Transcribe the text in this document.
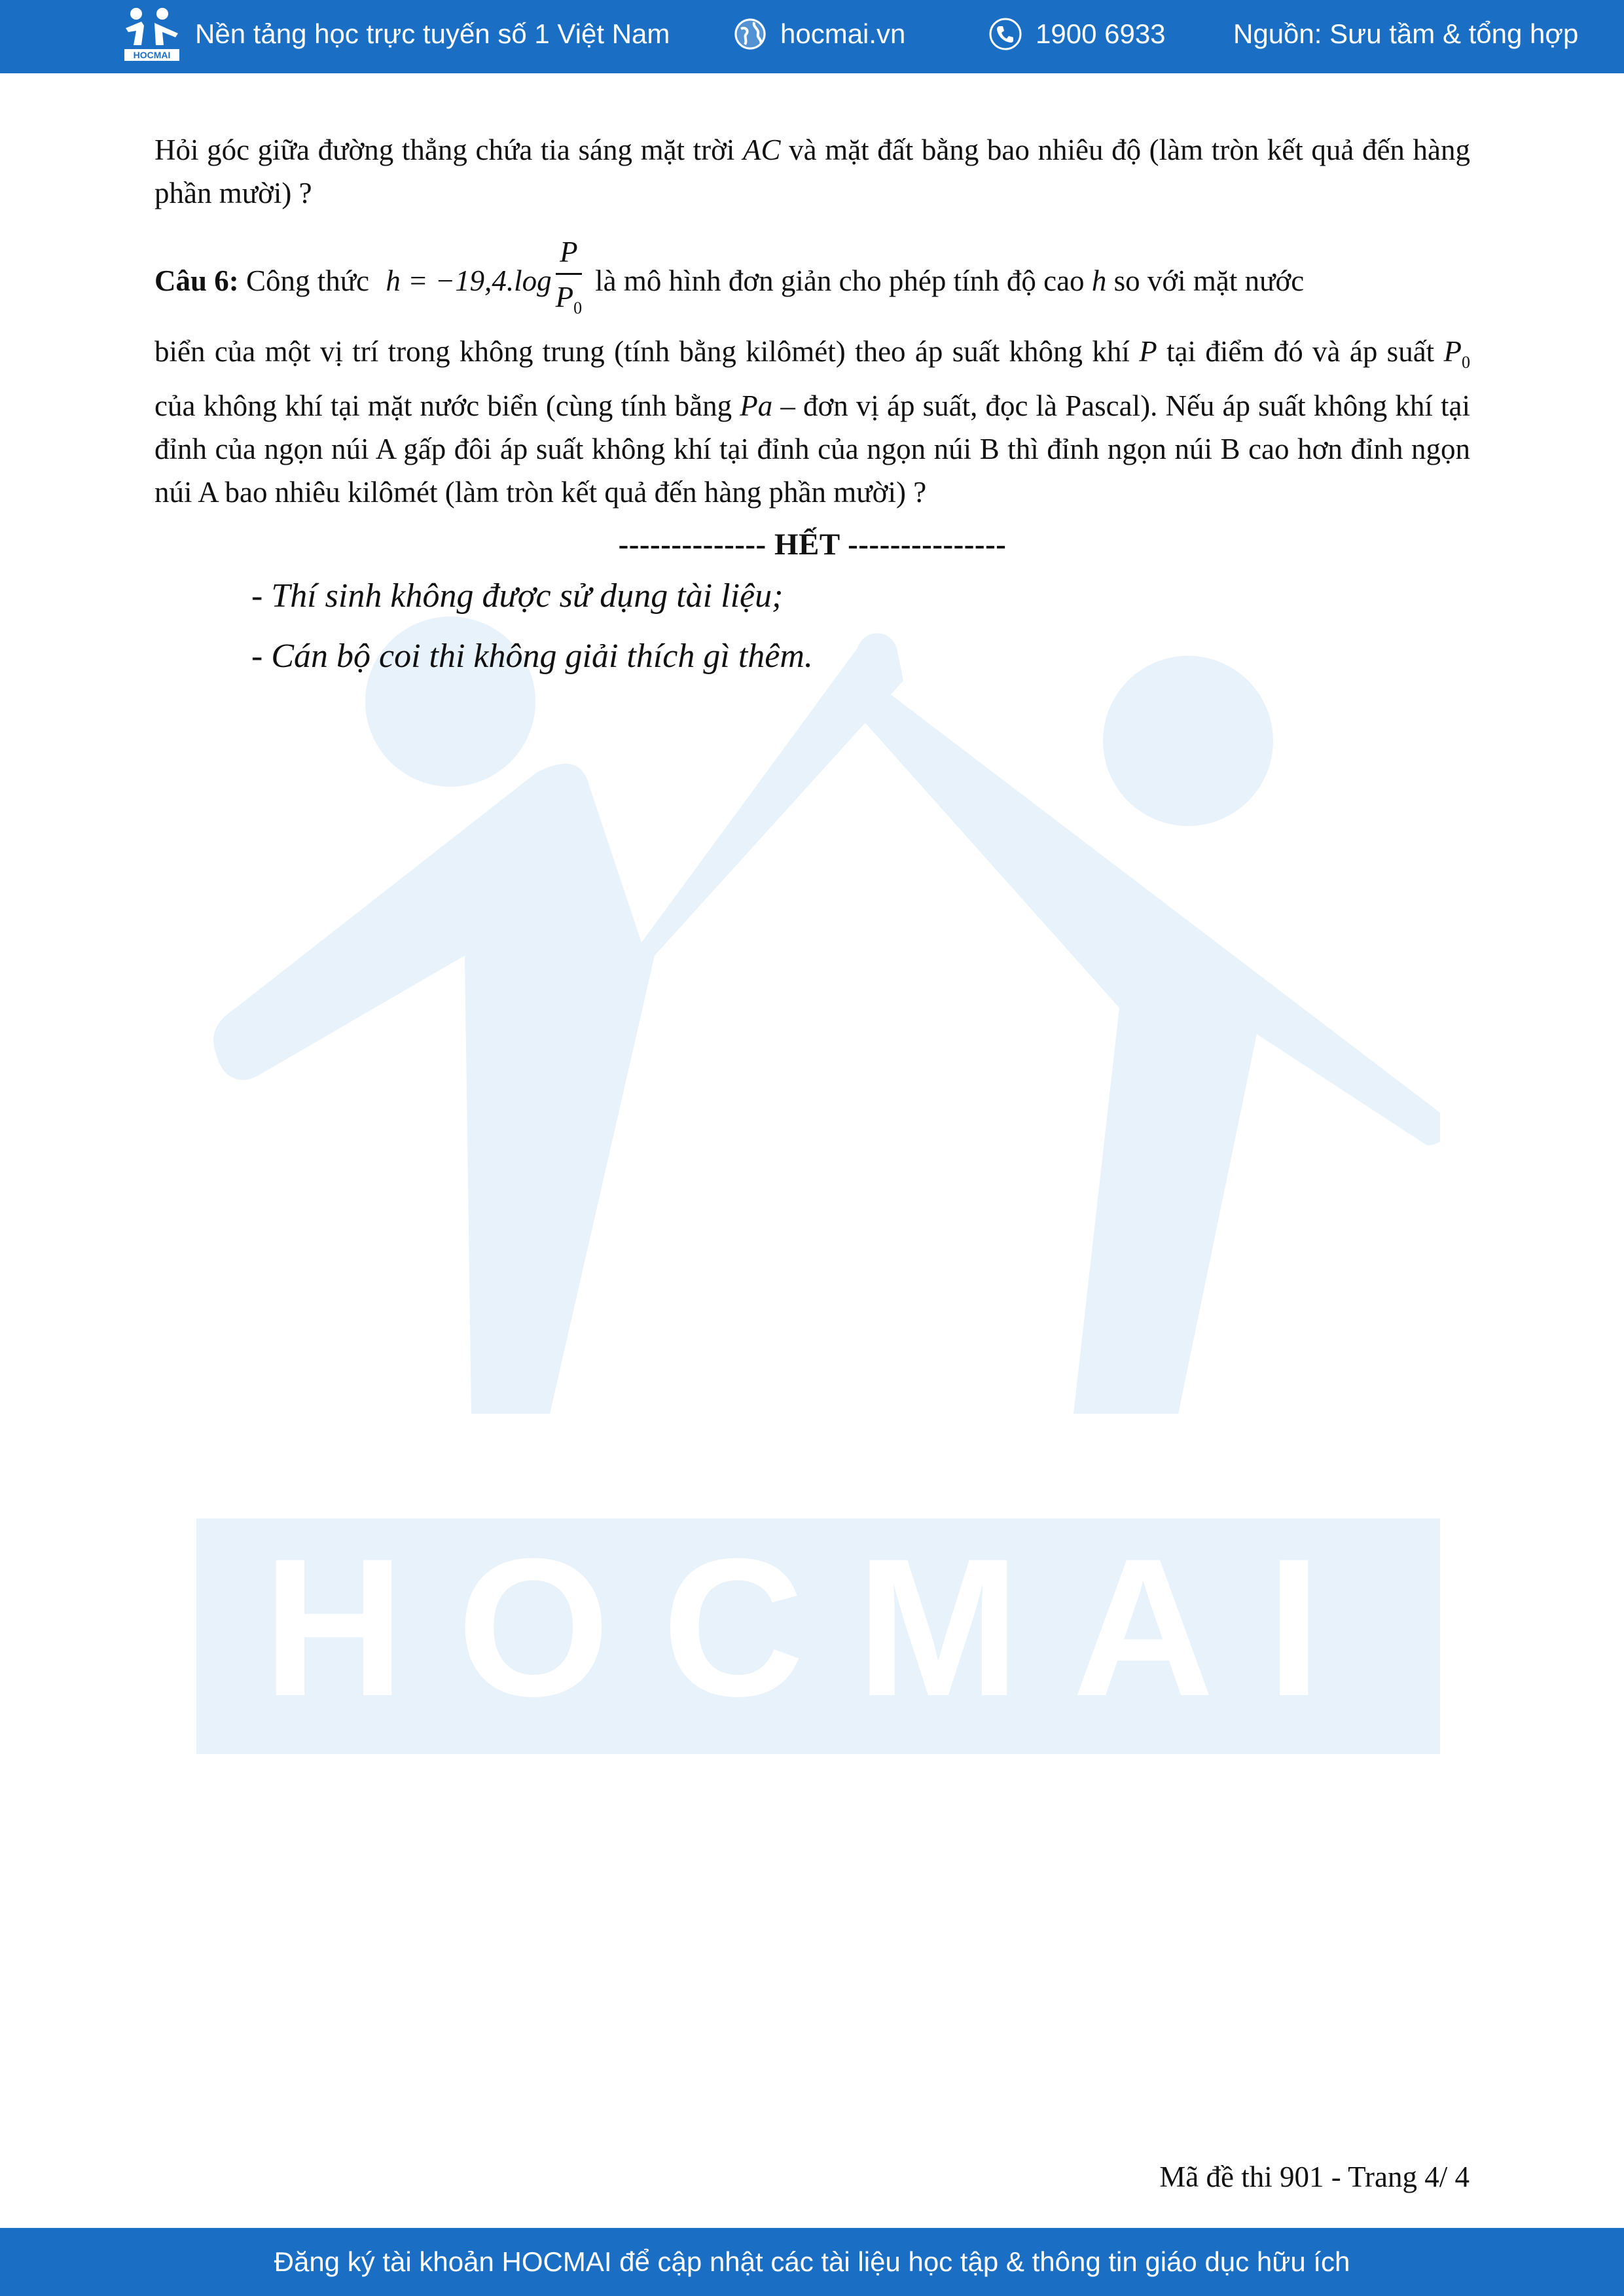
HOCMAI
Nền tảng học trực tuyến số 1 Việt Nam	hocmai.vn	1900 6933 Nguồn: Sưu tầm & tổng hợp
HOCMAI

Hỏi góc giữa đường thẳng chứa tia sáng mặt trời AC và mặt đất bằng bao nhiêu độ (làm tròn kết quả đến hàng phần mười) ?

Câu 6: Công thức $h = -19,4.\log \frac{P}{P_0}$ là mô hình đơn giản cho phép tính độ cao h so với mặt nước

biển của một vị trí trong không trung (tính bằng kilômét) theo áp suất không khí P tại điểm đó và áp suất $P_0$ của không khí tại mặt nước biển (cùng tính bằng Pa – đơn vị áp suất, đọc là Pascal). Nếu áp suất không khí tại đỉnh của ngọn núi A gấp đôi áp suất không khí tại đỉnh của ngọn núi B thì đỉnh ngọn núi B cao hơn đỉnh ngọn núi A bao nhiêu kilômét (làm tròn kết quả đến hàng phần mười) ?

-------------- HẾT ---------------
- Thí sinh không được sử dụng tài liệu;
- Cán bộ coi thi không giải thích gì thêm.
Mã đề thi 901 - Trang 4/ 4
Đăng ký tài khoản HOCMAI để cập nhật các tài liệu học tập & thông tin giáo dục hữu ích
